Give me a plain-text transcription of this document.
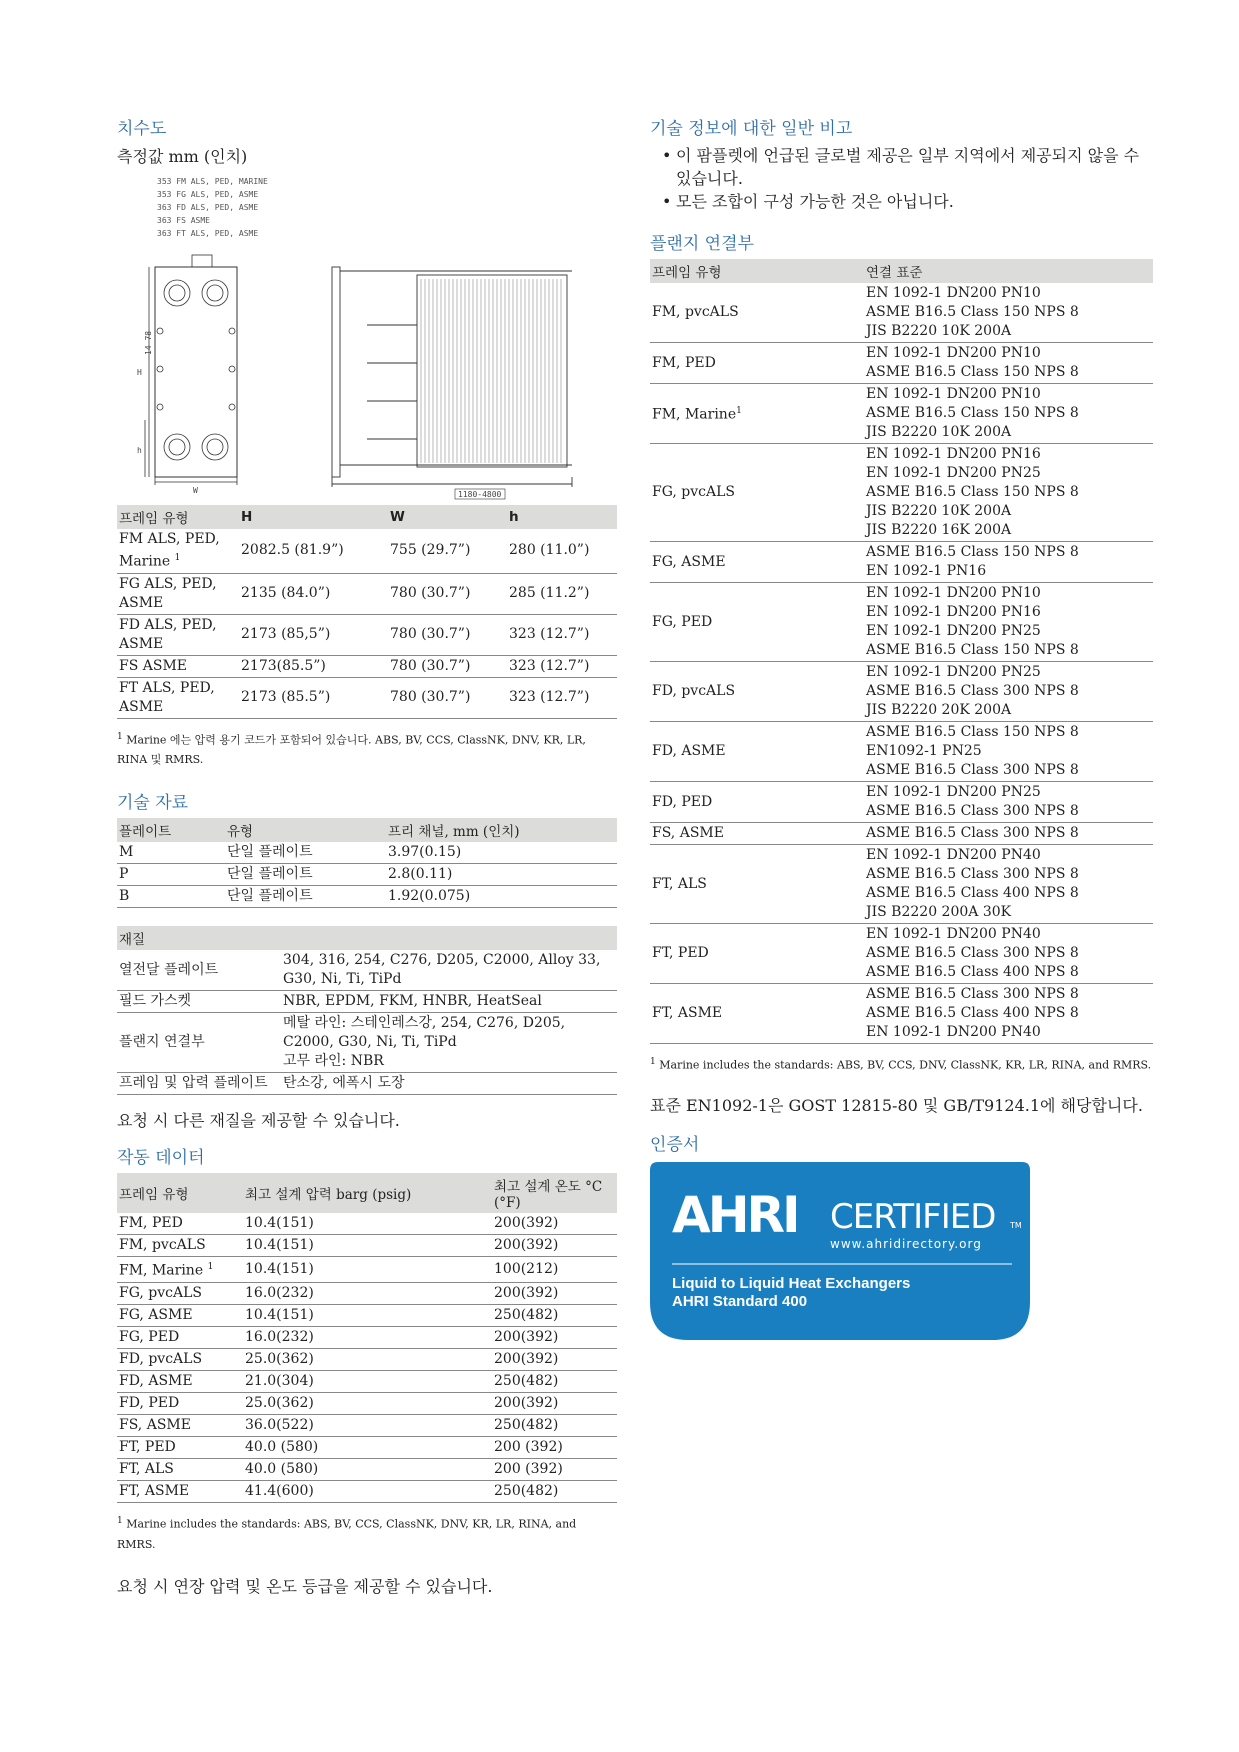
치수도
측정값 mm (인치)
353 FM ALS, PED, MARINE
353 FG ALS, PED, ASME
363 FD ALS, PED, ASME
363 FS ASME
363 FT ALS, PED, ASME
H
14 78
h
W	1180-4800
프레임 유형	H	W	h
FM ALS, PED, Marine $^1$	2082.5 (81.9”)	755 (29.7”)	280 (11.0”)
FG ALS, PED, ASME	2135 (84.0”)	780 (30.7”)	285 (11.2”)
FD ALS, PED, ASME	2173 (85,5”)	780 (30.7”)	323 (12.7”)
FS ASME	2173(85.5”)	780 (30.7”)	323 (12.7”)
FT ALS, PED, ASME	2173 (85.5”)	780 (30.7”)	323 (12.7”)
$^1$ Marine 에는 압력 용기 코드가 포함되어 있습니다. ABS, BV, CCS, ClassNK, DNV, KR, LR, RINA 및 RMRS.
기술 자료
플레이트	유형	프리 채널, mm (인치)
M	단일 플레이트	3.97(0.15)
P	단일 플레이트	2.8(0.11)
B	단일 플레이트	1.92(0.075)
재질	
열전달 플레이트	304, 316, 254, C276, D205, C2000, Alloy 33, G30, Ni, Ti, TiPd
필드 가스켓	NBR, EPDM, FKM, HNBR, HeatSeal
플랜지 연결부	메탈 라인: 스테인레스강, 254, C276, D205, C2000, G30, Ni, Ti, TiPd
고무 라인: NBR
프레임 및 압력 플레이트	탄소강, 에폭시 도장
요청 시 다른 재질을 제공할 수 있습니다.
작동 데이터
프레임 유형	최고 설계 압력 barg (psig)	최고 설계 온도 °C (°F)
FM, PED	10.4(151)	200(392)
FM, pvcALS	10.4(151)	200(392)
FM, Marine $^1$	10.4(151)	100(212)
FG, pvcALS	16.0(232)	200(392)
FG, ASME	10.4(151)	250(482)
FG, PED	16.0(232)	200(392)
FD, pvcALS	25.0(362)	200(392)
FD, ASME	21.0(304)	250(482)
FD, PED	25.0(362)	200(392)
FS, ASME	36.0(522)	250(482)
FT, PED	40.0 (580)	200 (392)
FT, ALS	40.0 (580)	200 (392)
FT, ASME	41.4(600)	250(482)
$^1$ Marine includes the standards: ABS, BV, CCS, ClassNK, DNV, KR, LR, RINA, and RMRS.
요청 시 연장 압력 및 온도 등급을 제공할 수 있습니다.
기술 정보에 대한 일반 비고
• 이 팜플렛에 언급된 글로벌 제공은 일부 지역에서 제공되지 않을 수 있습니다.
• 모든 조합이 구성 가능한 것은 아닙니다.
플랜지 연결부
프레임 유형	연결 표준
FM, pvcALS	EN 1092-1 DN200 PN10
ASME B16.5 Class 150 NPS 8
JIS B2220 10K 200A
FM, PED	EN 1092-1 DN200 PN10
ASME B16.5 Class 150 NPS 8
FM, Marine$^1$	EN 1092-1 DN200 PN10
ASME B16.5 Class 150 NPS 8
JIS B2220 10K 200A
FG, pvcALS	EN 1092-1 DN200 PN16
EN 1092-1 DN200 PN25
ASME B16.5 Class 150 NPS 8
JIS B2220 10K 200A
JIS B2220 16K 200A
FG, ASME	ASME B16.5 Class 150 NPS 8
EN 1092-1 PN16
FG, PED	EN 1092-1 DN200 PN10
EN 1092-1 DN200 PN16
EN 1092-1 DN200 PN25
ASME B16.5 Class 150 NPS 8
FD, pvcALS	EN 1092-1 DN200 PN25
ASME B16.5 Class 300 NPS 8
JIS B2220 20K 200A
FD, ASME	ASME B16.5 Class 150 NPS 8
EN1092-1 PN25
ASME B16.5 Class 300 NPS 8
FD, PED	EN 1092-1 DN200 PN25
ASME B16.5 Class 300 NPS 8
FS, ASME	ASME B16.5 Class 300 NPS 8
FT, ALS	EN 1092-1 DN200 PN40
ASME B16.5 Class 300 NPS 8
ASME B16.5 Class 400 NPS 8
JIS B2220 200A 30K
FT, PED	EN 1092-1 DN200 PN40
ASME B16.5 Class 300 NPS 8
ASME B16.5 Class 400 NPS 8
FT, ASME	ASME B16.5 Class 300 NPS 8
ASME B16.5 Class 400 NPS 8
EN 1092-1 DN200 PN40
$^1$ Marine includes the standards: ABS, BV, CCS, DNV, ClassNK, KR, LR, RINA, and RMRS.
표준 EN1092-1은 GOST 12815-80 및 GB/T9124.1에 해당합니다.
인증서
AHRI CERTIFIED TM
www.ahridirectory.org
Liquid to Liquid Heat Exchangers
AHRI Standard 400
